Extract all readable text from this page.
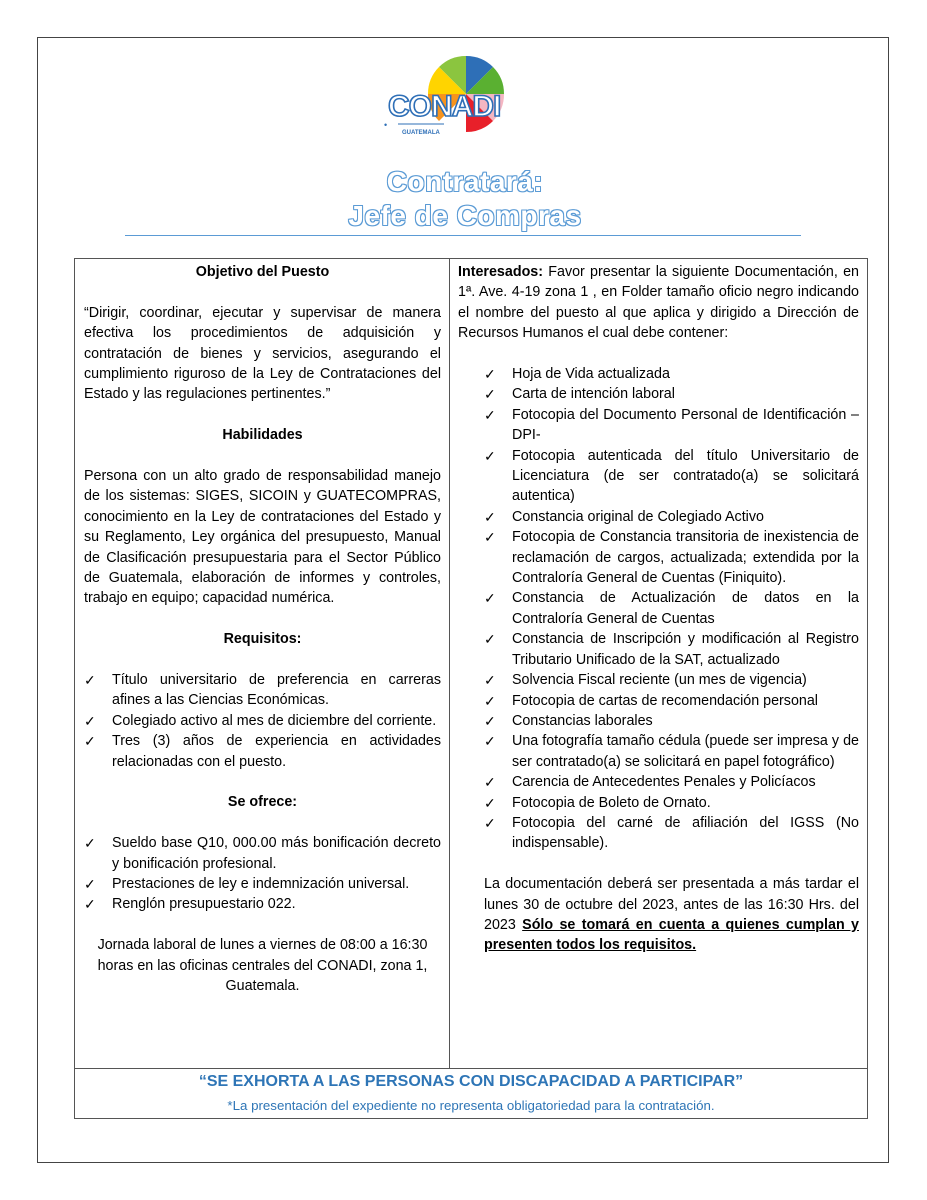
CONADI
GUATEMALA
•
Contratará:
Jefe de Compras

Objetivo del Puesto

“Dirigir, coordinar, ejecutar y supervisar de manera efectiva los procedimientos de adquisición y contratación de bienes y servicios, asegurando el cumplimiento riguroso de la Ley de Contrataciones del Estado y las regulaciones pertinentes.”

Habilidades

Persona con un alto grado de responsabilidad manejo de los sistemas: SIGES, SICOIN y GUATECOMPRAS, conocimiento en la Ley de contrataciones del Estado y su Reglamento, Ley orgánica del presupuesto, Manual de Clasificación presupuestaria para el Sector Público de Guatemala, elaboración de informes y controles, trabajo en equipo; capacidad numérica.

Requisitos:

✓ Título universitario de preferencia en carreras afines a las Ciencias Económicas.
✓ Colegiado activo al mes de diciembre del corriente.
✓ Tres (3) años de experiencia en actividades relacionadas con el puesto.

Se ofrece:

✓ Sueldo base Q10, 000.00 más bonificación decreto y bonificación profesional.
✓ Prestaciones de ley e indemnización universal.
✓ Renglón presupuestario 022.

Jornada laboral de lunes a viernes de 08:00 a 16:30 horas en las oficinas centrales del CONADI, zona 1, Guatemala.

Interesados: Favor presentar la siguiente Documentación, en 1ª. Ave. 4-19 zona 1 , en Folder tamaño oficio negro indicando el nombre del puesto al que aplica y dirigido a Dirección de Recursos Humanos el cual debe contener:

✓ Hoja de Vida actualizada
✓ Carta de intención laboral
✓ Fotocopia del Documento Personal de Identificación –DPI-
✓ Fotocopia autenticada del título Universitario de Licenciatura (de ser contratado(a) se solicitará autentica)
✓ Constancia original de Colegiado Activo
✓ Fotocopia de Constancia transitoria de inexistencia de reclamación de cargos, actualizada; extendida por la Contraloría General de Cuentas (Finiquito).
✓ Constancia de Actualización de datos en la Contraloría General de Cuentas
✓ Constancia de Inscripción y modificación al Registro Tributario Unificado de la SAT, actualizado
✓ Solvencia Fiscal reciente (un mes de vigencia)
✓ Fotocopia de cartas de recomendación personal
✓ Constancias laborales
✓ Una fotografía tamaño cédula (puede ser impresa y de ser contratado(a) se solicitará en papel fotográfico)
✓ Carencia de Antecedentes Penales y Policíacos
✓ Fotocopia de Boleto de Ornato.
✓ Fotocopia del carné de afiliación del IGSS (No indispensable).

La documentación deberá ser presentada a más tardar el lunes 30 de octubre del 2023, antes de las 16:30 Hrs. del 2023 Sólo se tomará en cuenta a quienes cumplan y presenten todos los requisitos.

“SE EXHORTA A LAS PERSONAS CON DISCAPACIDAD A PARTICIPAR”
*La presentación del expediente no representa obligatoriedad para la contratación.
